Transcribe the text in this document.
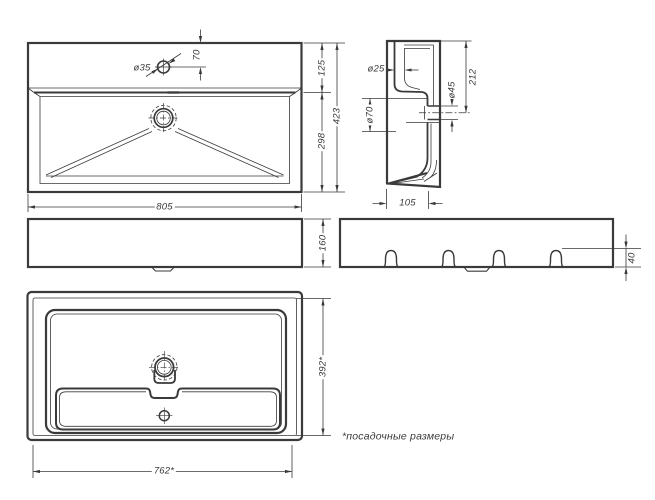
ø35
70
125
423
298
805
ø25
212
ø45
ø70
105
160
40
392*
762*
*посадочные размеры
